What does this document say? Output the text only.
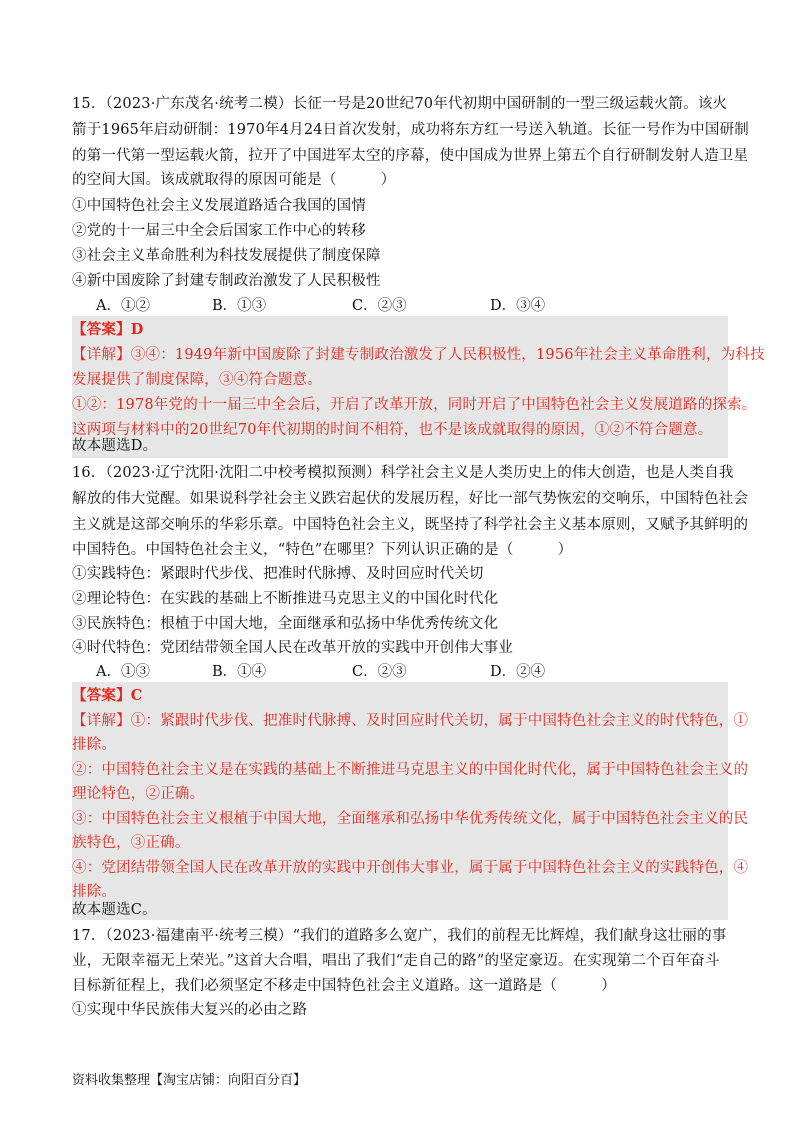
15．（2023·广东茂名·统考二模）长征一号是20世纪70年代初期中国研制的一型三级运载火箭。该火
箭于1965年启动研制：1970年4月24日首次发射，成功将东方红一号送入轨道。长征一号作为中国研制
的第一代第一型运载火箭，拉开了中国进军太空的序幕，使中国成为世界上第五个自行研制发射人造卫星
的空间大国。该成就取得的原因可能是（　　　）
①中国特色社会主义发展道路适合我国的国情
②党的十一届三中全会后国家工作中心的转移
③社会主义革命胜利为科技发展提供了制度保障
④新中国废除了封建专制政治激发了人民积极性
A．①②	B．①③	C．②③	D．③④
【答案】D
【详解】③④：1949年新中国废除了封建专制政治激发了人民积极性，1956年社会主义革命胜利，为科技
发展提供了制度保障，③④符合题意。
①②：1978年党的十一届三中全会后，开启了改革开放，同时开启了中国特色社会主义发展道路的探索。
这两项与材料中的20世纪70年代初期的时间不相符，也不是该成就取得的原因，①②不符合题意。
故本题选D。
16．（2023·辽宁沈阳·沈阳二中校考模拟预测）科学社会主义是人类历史上的伟大创造，也是人类自我
解放的伟大觉醒。如果说科学社会主义跌宕起伏的发展历程，好比一部气势恢宏的交响乐，中国特色社会
主义就是这部交响乐的华彩乐章。中国特色社会主义，既坚持了科学社会主义基本原则，又赋予其鲜明的
中国特色。中国特色社会主义，“特色”在哪里？下列认识正确的是（　　　）
①实践特色：紧跟时代步伐、把准时代脉搏、及时回应时代关切
②理论特色：在实践的基础上不断推进马克思主义的中国化时代化
③民族特色：根植于中国大地，全面继承和弘扬中华优秀传统文化
④时代特色：党团结带领全国人民在改革开放的实践中开创伟大事业
A．①③	B．①④	C．②③	D．②④
【答案】C
【详解】①：紧跟时代步伐、把准时代脉搏、及时回应时代关切，属于中国特色社会主义的时代特色，①
排除。
②：中国特色社会主义是在实践的基础上不断推进马克思主义的中国化时代化，属于中国特色社会主义的
理论特色，②正确。
③：中国特色社会主义根植于中国大地，全面继承和弘扬中华优秀传统文化，属于中国特色社会主义的民
族特色，③正确。
④：党团结带领全国人民在改革开放的实践中开创伟大事业，属于属于中国特色社会主义的实践特色，④
排除。
故本题选C。
17．（2023·福建南平·统考三模）“我们的道路多么宽广，我们的前程无比辉煌，我们献身这壮丽的事
业，无限幸福无上荣光。”这首大合唱，唱出了我们“走自己的路”的坚定豪迈。在实现第二个百年奋斗
目标新征程上，我们必须坚定不移走中国特色社会主义道路。这一道路是（　　　）
①实现中华民族伟大复兴的必由之路
资料收集整理【淘宝店铺：向阳百分百】
